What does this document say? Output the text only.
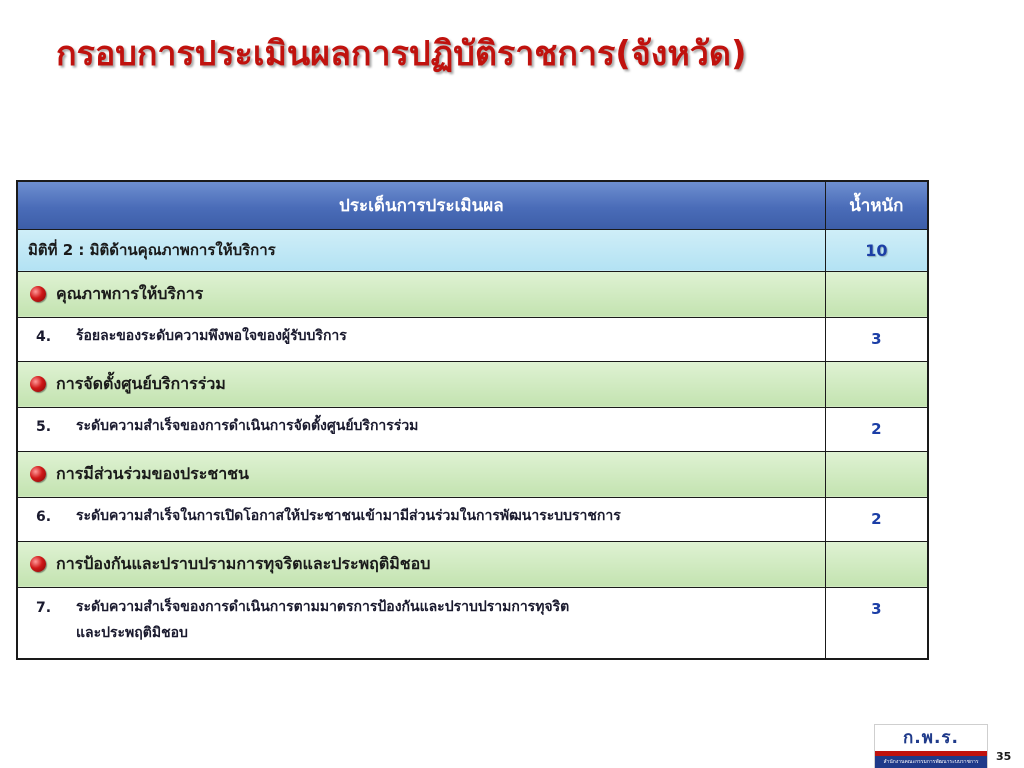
กรอบการประเมินผลการปฏิบัติราชการ(จังหวัด)
ประเด็นการประเมินผล	น้ำหนัก
มิติที่ 2 : มิติด้านคุณภาพการให้บริการ	10
คุณภาพการให้บริการ	

4. ร้อยละของระดับความพึงพอใจของผู้รับบริการ	3
การจัดตั้งศูนย์บริการร่วม	

5. ระดับความสำเร็จของการดำเนินการจัดตั้งศูนย์บริการร่วม	2
การมีส่วนร่วมของประชาชน	

6. ระดับความสำเร็จในการเปิดโอกาสให้ประชาชนเข้ามามีส่วนร่วมในการพัฒนาระบบราชการ	2
การป้องกันและปราบปรามการทุจริตและประพฤติมิชอบ	

7. ระดับความสำเร็จของการดำเนินการตามมาตรการป้องกันและปราบปรามการทุจริต
และประพฤติมิชอบ	3
ก.พ.ร.
สำนักงานคณะกรรมการพัฒนาระบบราชการ	35
